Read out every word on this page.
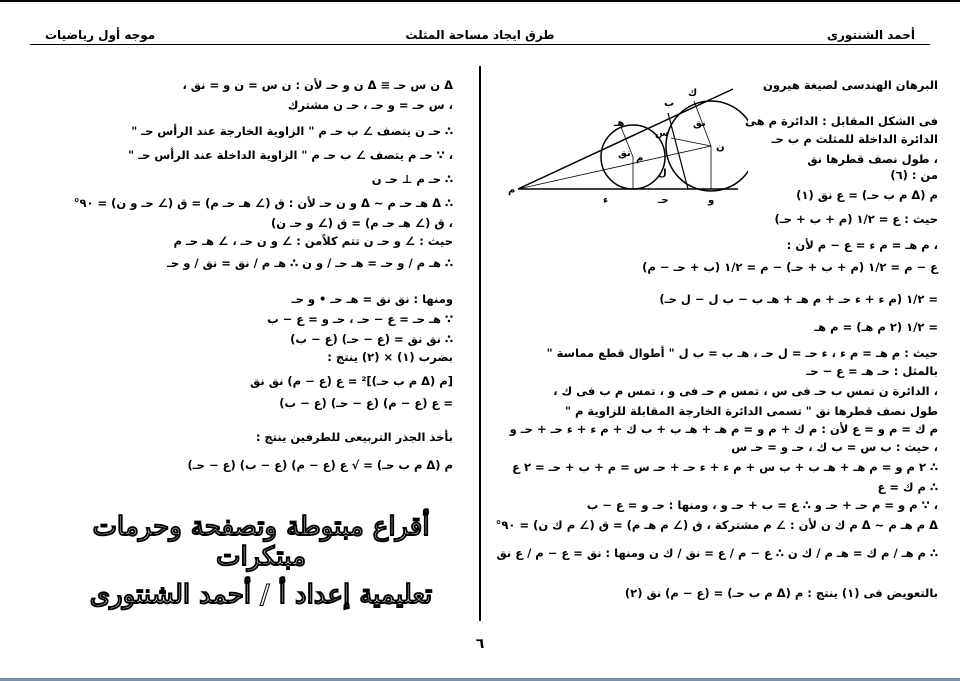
موجه أول رياضيات	طرق ايجاد مساحة المثلث	أحمد الشنتورى
Δ ن س حـ ≡ Δ ن و حـ لأن : ن س = ن و = نق ،
، س حـ = و حـ ، حـ ن مشترك
∴ حـ ن يتصف ∠ ب حـ م " الزاوية الخارجة عند الرأس حـ "
، ∵ حـ م يتصف ∠ ب حـ م " الزاوية الداخلة عند الرأس حـ "
∴ حـ م ⊥ حـ ن
∴ Δ هـ حـ م ~ Δ و ن حـ لأن : ق (∠ هـ حـ م) = ق (∠ حـ و ن) = ٩٠°
، ق (∠ هـ حـ م) = ق (∠ و حـ ن)
حيث : ∠ و حـ ن تتم كلاًمن : ∠ و ن حـ ، ∠ هـ حـ م
∴ هـ م / و حـ = هـ حـ / و ن ∴ هـ م / نق = نق / و حـ
ومنها : نق نق = هـ حـ • و حـ
∵ هـ حـ = ع − حـ ، حـ و = ع − ب
∴ نق نق = (ع − حـ) (ع − ب)
بضرب (١) × (٢) ينتج :
[م (Δ م ب حـ)]² = ع (ع − م) نق نق
= ع (ع − م) (ع − حـ) (ع − ب)
بأخذ الجذر التربيعى للطرفين ينتج :
م (Δ م ب حـ) = √ ع (ع − م) (ع − ب) (ع − حـ)
أقراع مبتوطة وتصفحة وحرمات مبتكرات
تعليمية إعداد أ / أحمد الشنتورى
ك
ب
هـ
س
م
ن
نق
نق
ل
م
ء	حـ	و
البرهان الهندسى لصيغة هيرون
فى الشكل المقابل : الدائرة م هى
الدائرة الداخلة للمثلث م ب حـ
، طول نصف قطرها نق
من : (٦)
م (Δ م ب حـ) = ع نق (١)
حيث : ع = ١/٢ (م + ب + حـ)
، م هـ = م ء = ع − م لأن :
ع − م = ١/٢ (م + ب + حـ) − م = ١/٢ (ب + حـ − م)
= ١/٢ (م ء + ء حـ + م هـ + هـ ب − ب ل − ل حـ)
= ١/٢ (٢ م هـ) = م هـ
حيث : م هـ = م ء ، ء حـ = ل حـ ، هـ ب = ب ل " أطوال قطع مماسة "
بالمثل : حـ هـ = ع − حـ
، الدائرة ن تمس ب حـ فى س ، تمس م حـ فى و ، تمس م ب فى ك ،
طول نصف قطرها نق " تسمى الدائرة الخارجة المقابلة للزاوية م "
م ك = م و = ع لأن : م ك + م و = م هـ + هـ ب + ب ك + م ء + ء حـ + حـ و
، حيث : ب س = ب ك ، حـ و = حـ س
∴ ٢ م و = م هـ + هـ ب + ب س + م ء + ء حـ + حـ س = م + ب + حـ = ٢ ع
∴ م ك = ع
، ∵ م و = م حـ + حـ و ∴ ع = ب + حـ و ، ومنها : حـ و = ع − ب
Δ م هـ م ~ Δ م ك ن لأن : ∠ م مشتركة ، ق (∠ م هـ م) = ق (∠ م ك ن) = ٩٠°
∴ م هـ / م ك = هـ م / ك ن ∴ ع − م / ع = نق / ك ن ومنها : نق = ع − م / ع نق
بالتعويض فى (١) ينتج : م (Δ م ب حـ) = (ع − م) نق (٢)
٦
